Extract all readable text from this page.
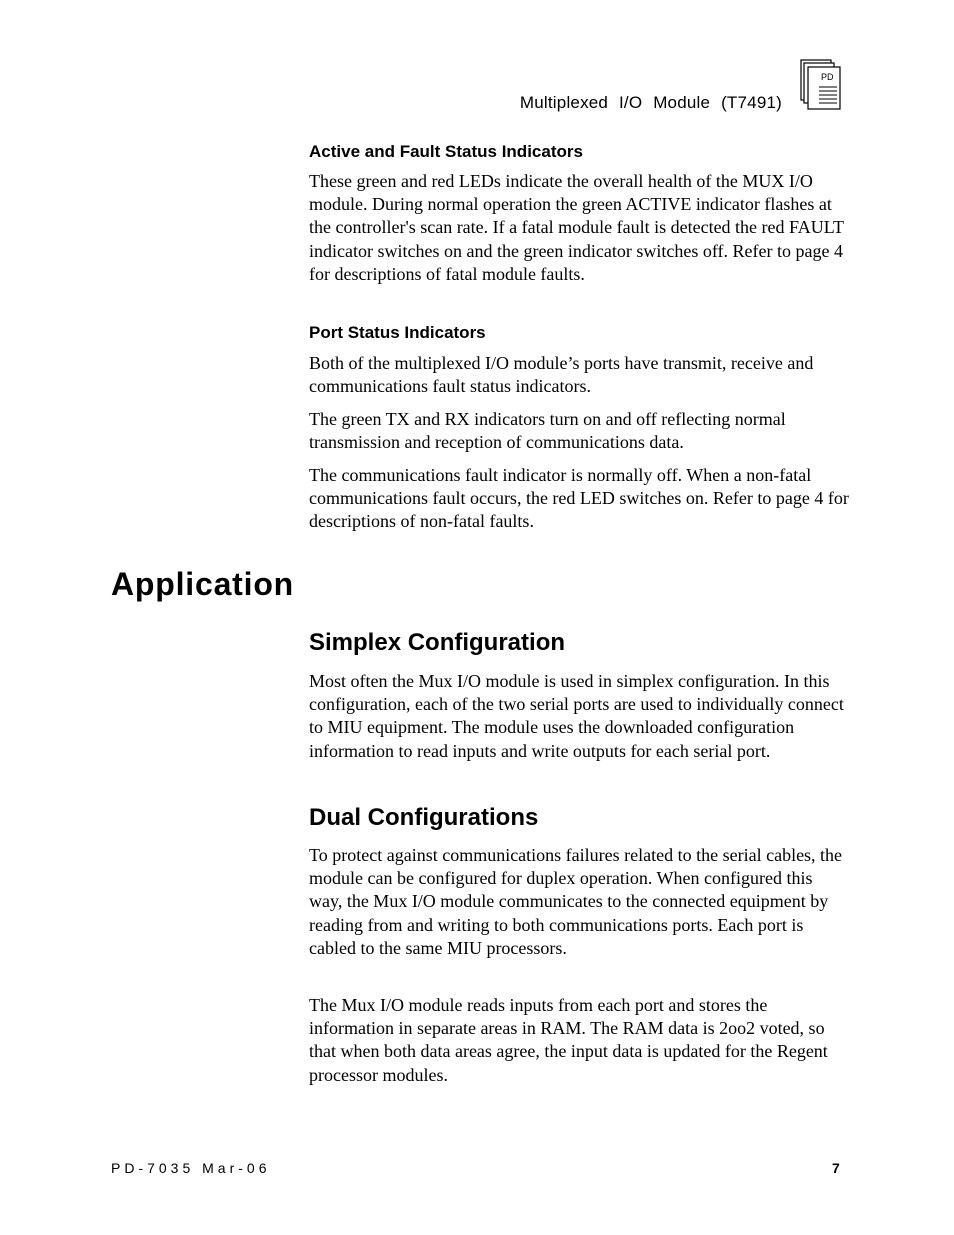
Multiplexed I/O Module (T7491)
PD
Active and Fault Status Indicators

These green and red LEDs indicate the overall health of the MUX I/O module. During normal operation the green ACTIVE indicator flashes at the controller's scan rate. If a fatal module fault is detected the red FAULT indicator switches on and the green indicator switches off. Refer to page 4 for descriptions of fatal module faults.

Port Status Indicators

Both of the multiplexed I/O module’s ports have transmit, receive and communications fault status indicators.

The green TX and RX indicators turn on and off reflecting normal transmission and reception of communications data.

The communications fault indicator is normally off. When a non-fatal communications fault occurs, the red LED switches on. Refer to page 4 for descriptions of non-fatal faults.

Application
Simplex Configuration

Most often the Mux I/O module is used in simplex configuration. In this configuration, each of the two serial ports are used to individually connect to MIU equipment. The module uses the downloaded configuration information to read inputs and write outputs for each serial port.

Dual Configurations

To protect against communications failures related to the serial cables, the module can be configured for duplex operation. When configured this way, the Mux I/O module communicates to the connected equipment by reading from and writing to both communications ports. Each port is cabled to the same MIU processors.

The Mux I/O module reads inputs from each port and stores the information in separate areas in RAM. The RAM data is 2oo2 voted, so that when both data areas agree, the input data is updated for the Regent processor modules.

PD-7035 Mar-06	7
